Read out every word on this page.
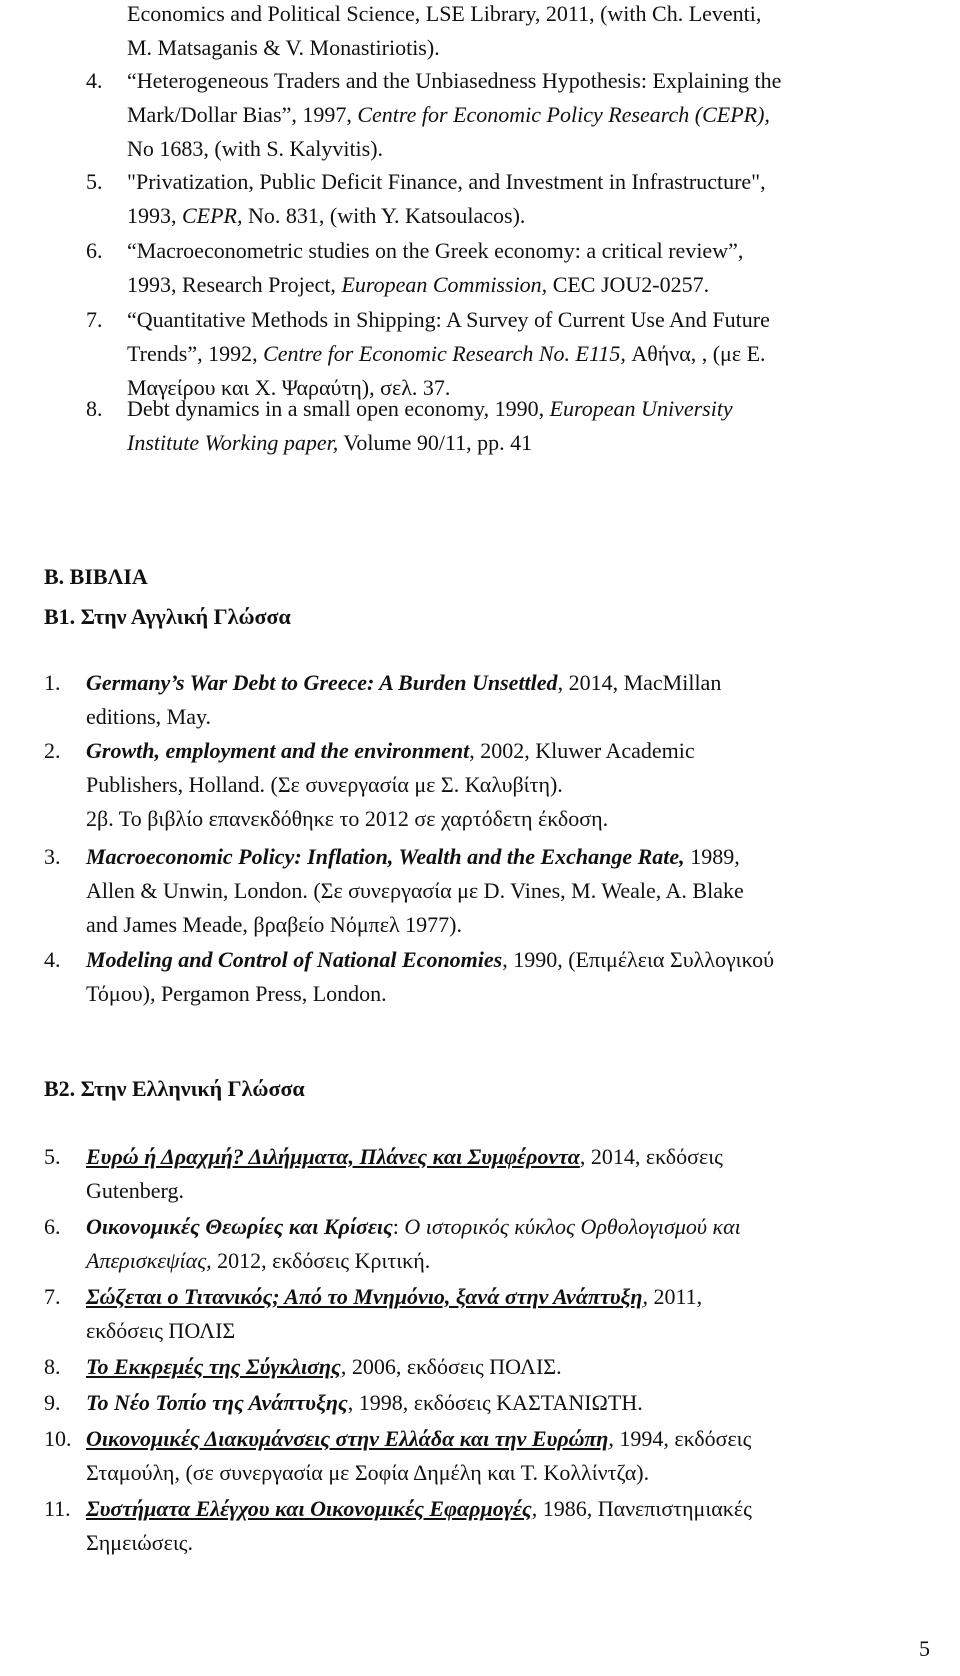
Economics and Political Science, LSE Library, 2011, (with Ch. Leventi,
M. Matsaganis & V. Monastiriotis).
4. “Heterogeneous Traders and the Unbiasedness Hypothesis: Explaining the
Mark/Dollar Bias”, 1997, Centre for Economic Policy Research (CEPR),
No 1683, (with S. Kalyvitis).
5. "Privatization, Public Deficit Finance, and Investment in Infrastructure",
1993, CEPR, No. 831, (with Y. Katsoulacos).
6. “Macroeconometric studies on the Greek economy: a critical review”,
1993, Research Project, European Commission, CEC JOU2-0257.
7. “Quantitative Methods in Shipping: A Survey of Current Use And Future
Trends”, 1992, Centre for Economic Research No. E115, Αθήνα, , (με Ε.
Μαγείρου και Χ. Ψαραύτη), σελ. 37.
8. Debt dynamics in a small open economy, 1990, European University
Institute Working paper, Volume 90/11, pp. 41
Β. ΒΙΒΛΙΑ
Β1. Στην Αγγλική Γλώσσα
1. Germany’s War Debt to Greece: A Burden Unsettled, 2014, MacMillan
editions, May.
2. Growth, employment and the environment, 2002, Kluwer Academic
Publishers, Holland. (Σε συνεργασία με Σ. Καλυβίτη).
2β. Το βιβλίο επανεκδόθηκε το 2012 σε χαρτόδετη έκδοση.
3. Macroeconomic Policy: Inflation, Wealth and the Exchange Rate, 1989,
Allen & Unwin, London. (Σε συνεργασία με D. Vines, M. Weale, A. Blake
and James Meade, βραβείο Νόμπελ 1977).
4. Modeling and Control of National Economies, 1990, (Επιμέλεια Συλλογικού
Τόμου), Pergamon Press, London.
Β2. Στην Ελληνική Γλώσσα
5. Ευρώ ή Δραχμή? Διλήμματα, Πλάνες και Συμφέροντα, 2014, εκδόσεις
Gutenberg.
6. Οικονομικές Θεωρίες και Κρίσεις: Ο ιστορικός κύκλος Ορθολογισμού και
Απερισκεψίας, 2012, εκδόσεις Κριτική.
7. Σώζεται ο Τιτανικός; Από το Μνημόνιο, ξανά στην Ανάπτυξη, 2011,
εκδόσεις ΠΟΛΙΣ
8. Το Εκκρεμές της Σύγκλισης, 2006, εκδόσεις ΠΟΛΙΣ.
9. Το Νέο Τοπίο της Ανάπτυξης, 1998, εκδόσεις ΚΑΣΤΑΝΙΩΤΗ.
10. Οικονομικές Διακυμάνσεις στην Ελλάδα και την Ευρώπη, 1994, εκδόσεις
Σταμούλη, (σε συνεργασία με Σοφία Δημέλη και Τ. Κολλίντζα).
11. Συστήματα Ελέγχου και Οικονομικές Εφαρμογές, 1986, Πανεπιστημιακές
Σημειώσεις.
5
